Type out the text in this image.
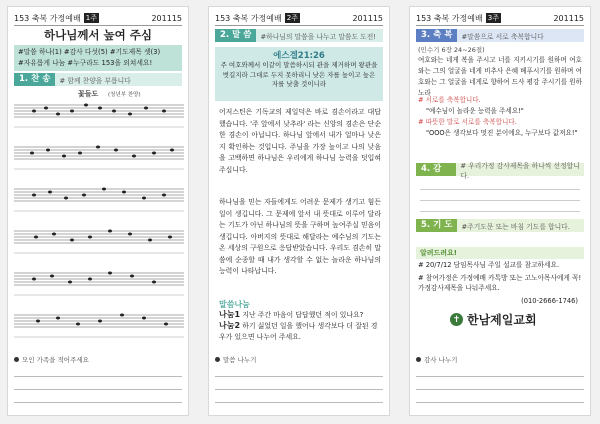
153
축복 가정예배 1주	201115
하나님께서 높여 주심
#말씀 하나(1) #감사 다섯(5) #기도제목 셋(3)
#자유롭게 나눔 #누구라도 153을 외쳐세요!
1. 찬 송	# 함께 찬양을 부릅니다
꽃들도 (청년부 찬양)
모인 가족을 적어주세요
153
축복 가정예배 2주	201115
2. 말 씀	#하나님의 말씀을 나누고 말씀도 도전!
에스겔21:26
주 여호와께서 이같이 말씀하시되 관을 제거하며 왕관을 벗길지라 그대로 두지 못하리니 낮은 자를 높이고 높은 자를 낮출 것이니라
어저스틴은 기독교의 제일덕은 바로 겸손이라고 대답했습니다. '주 앞에서 낮추라' 라는 신앙의 겸손은 단순한 겸손이 아닙니다. 하나님 앞에서 내가 얼마나 낮은지 확인하는 것입니다. 주님을 가장 높이고 나의 낮음을 고백하면 하나님은 우리에게 하나님 능력을 덧입혀 주십니다.
하나님을 믿는 자들에게도 어려운 문제가 생기고 힘든 일이 생깁니다. 그 문제에 앞서 내 뜻대로 이루어 달라는 기도가 아닌 하나님의 뜻을 구하며 높여주실 믿음이 생깁니다. 아버지의 뜻대로 해달라는 예수님의 기도는 온 세상의 구원으로 응답받았습니다. 우리도 겸손히 말씀에 순종할 때 내가 생각할 수 없는 놀라운 하나님의 능력이 나타납니다.
말씀나눔
나눔1 지난 주간 마음이 답답했던 적이 있나요?
나눔2 하기 싫었던 일을 했어나 생각보다 더 잘된 경우가 있으면 나누어 주세요.
말씀 나누기
153
축복 가정예배 3주	201115
3. 축 복	#말씀으로 서로 축복합니다
(민수기 6장 24~26절)
여호와는 네게 복을 주시고 너를 지키시기를 원하며 여호와는 그의 얼굴을 네게 비추사 은혜 베푸시기를 원하며 여호와는 그 얼굴을 네게로 향하여 드사 평강 주시기를 원하노라
# 서로를 축복합니다.
"예수님이 놀라운 능력을 주세요!"
# 따뜻한 말로 서로를 축복합니다.
"OOO은 생각보다 멋진 분이에요, 누구보다 값져요!"
4. 감 사
# 우리가정 감사제목을 하나씩 선정합니다.
5. 기 도	#주기도문 또는 바침 기도를 합니다.
알려드려요!
# 20/7/12 담임목사님 주일 설교를 참고하세요.
# 참여가정은 가정예배 카톡방 또는 고노아목사에게 꼭! 가정감사제목을 나눠주세요.
(010-2666-1746)
✝ 한남제일교회
감사 나누기
